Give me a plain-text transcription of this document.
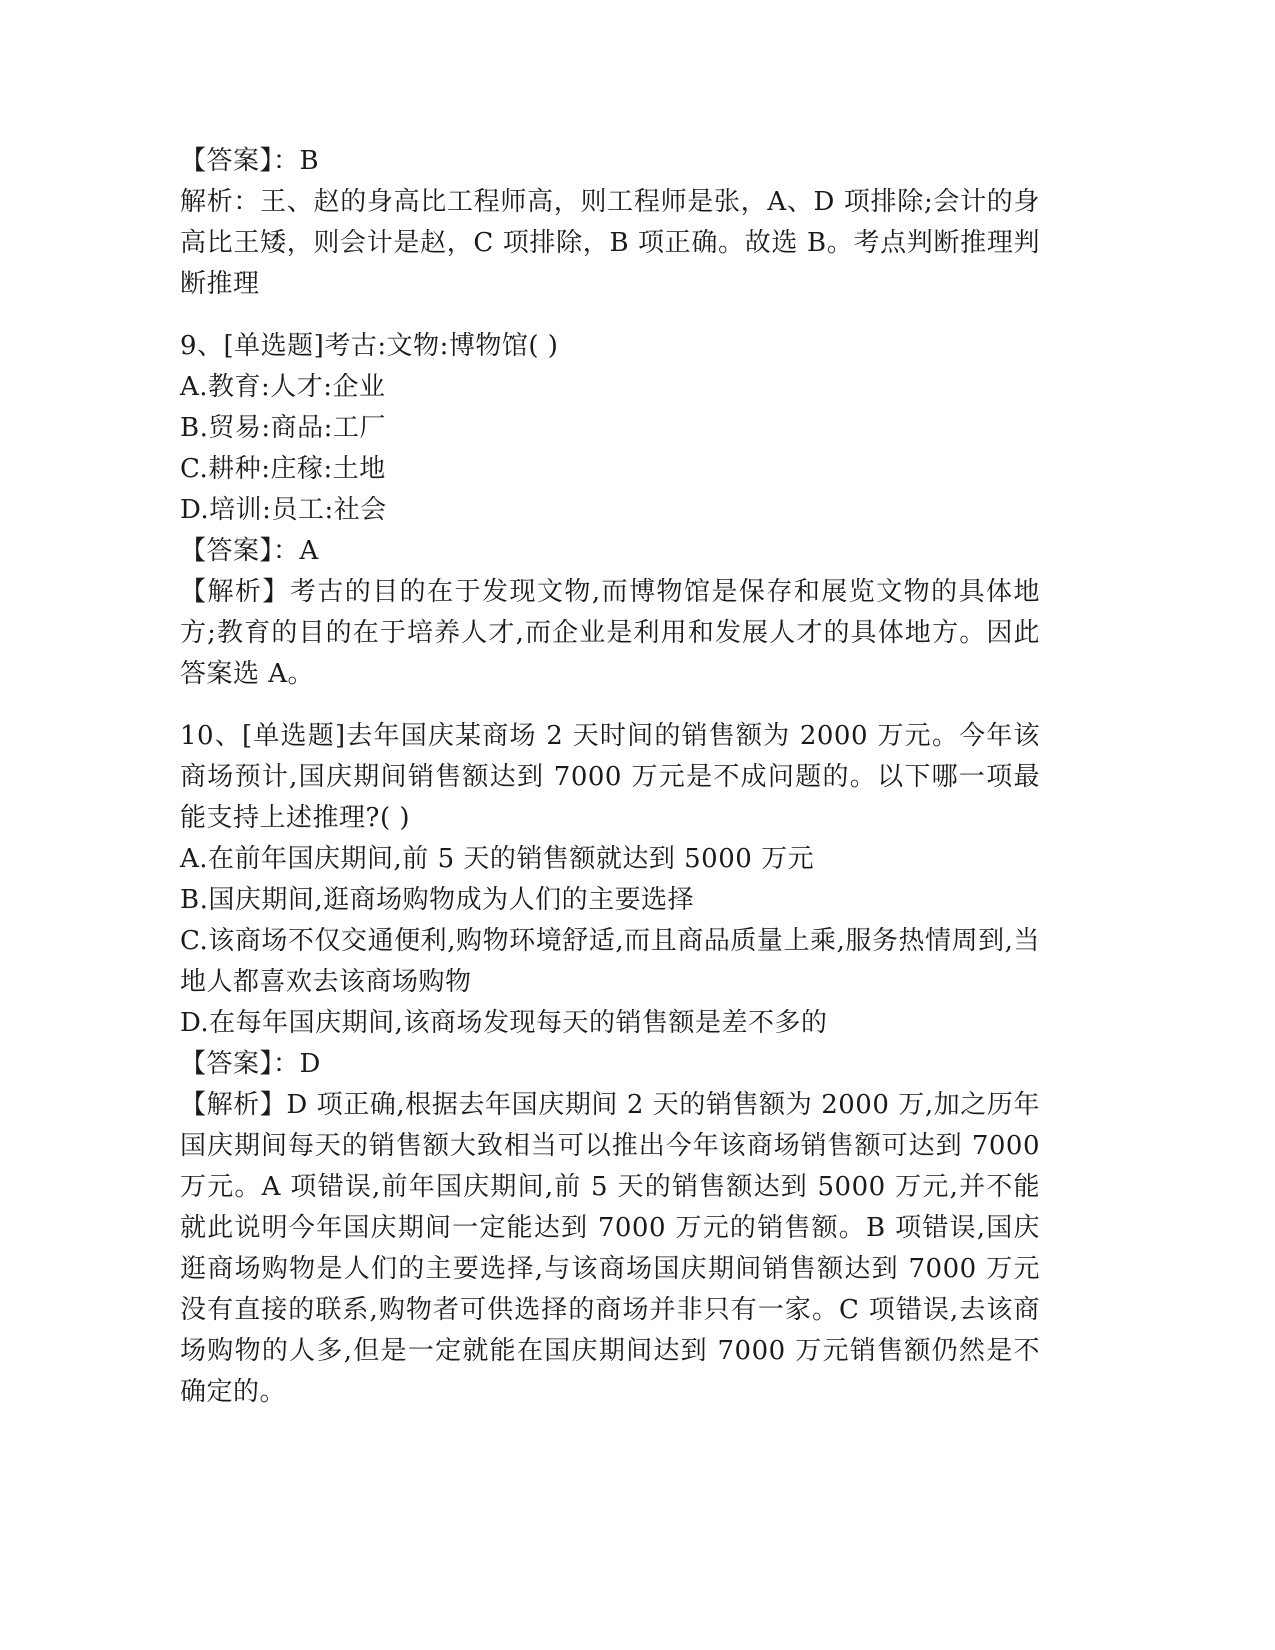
【答案】：B
解析：王、赵的身高比工程师高，则工程师是张，A、D 项排除;会计的身高比王矮，则会计是赵，C 项排除，B 项正确。故选 B。考点判断推理判断推理
9、[单选题]考古:文物:博物馆( )
A.教育:人才:企业
B.贸易:商品:工厂
C.耕种:庄稼:土地
D.培训:员工:社会
【答案】：A
【解析】考古的目的在于发现文物,而博物馆是保存和展览文物的具体地方;教育的目的在于培养人才,而企业是利用和发展人才的具体地方。因此答案选 A。
10、[单选题]去年国庆某商场 2 天时间的销售额为 2000 万元。今年该商场预计,国庆期间销售额达到 7000 万元是不成问题的。以下哪一项最能支持上述推理?( )
A.在前年国庆期间,前 5 天的销售额就达到 5000 万元
B.国庆期间,逛商场购物成为人们的主要选择
C.该商场不仅交通便利,购物环境舒适,而且商品质量上乘,服务热情周到,当地人都喜欢去该商场购物
D.在每年国庆期间,该商场发现每天的销售额是差不多的
【答案】：D
【解析】D 项正确,根据去年国庆期间 2 天的销售额为 2000 万,加之历年国庆期间每天的销售额大致相当可以推出今年该商场销售额可达到 7000 万元。A 项错误,前年国庆期间,前 5 天的销售额达到 5000 万元,并不能就此说明今年国庆期间一定能达到 7000 万元的销售额。B 项错误,国庆逛商场购物是人们的主要选择,与该商场国庆期间销售额达到 7000 万元没有直接的联系,购物者可供选择的商场并非只有一家。C 项错误,去该商场购物的人多,但是一定就能在国庆期间达到 7000 万元销售额仍然是不确定的。
